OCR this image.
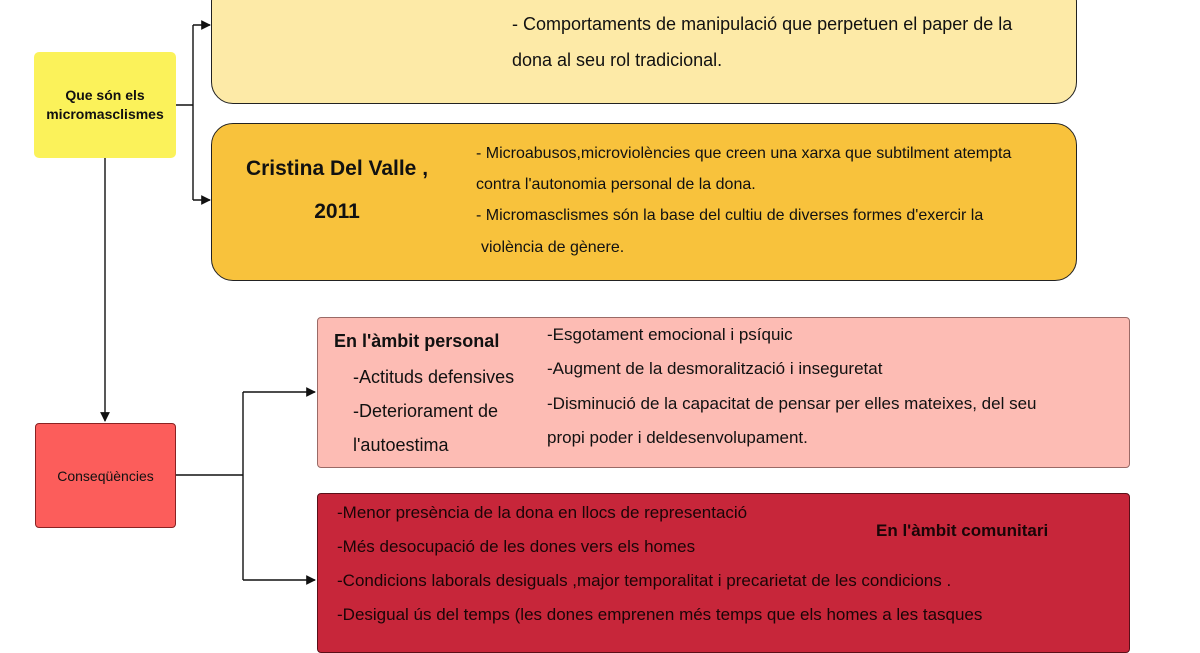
Que són els micromasclismes
Conseqüències
- Comportaments de manipulació que perpetuen el paper de la
dona al seu rol tradicional.
Cristina Del Valle ,
2011
- Microabusos,microviolències que creen una xarxa que subtilment atempta
contra l'autonomia personal de la dona.
- Micromasclismes són la base del cultiu de diverses formes d'exercir la
violència de gènere.
En l'àmbit personal
-Actituds defensives
-Deteriorament de
l'autoestima
-Esgotament emocional i psíquic
-Augment de la desmoralització i inseguretat
-Disminució de la capacitat de pensar per elles mateixes, del seu
propi poder i deldesenvolupament.
En l'àmbit comunitari
-Menor presència de la dona en llocs de representació
-Més desocupació de les dones vers els homes
-Condicions laborals desiguals ,major temporalitat i precarietat de les condicions .
-Desigual ús del temps (les dones emprenen més temps que els homes a les tasques
